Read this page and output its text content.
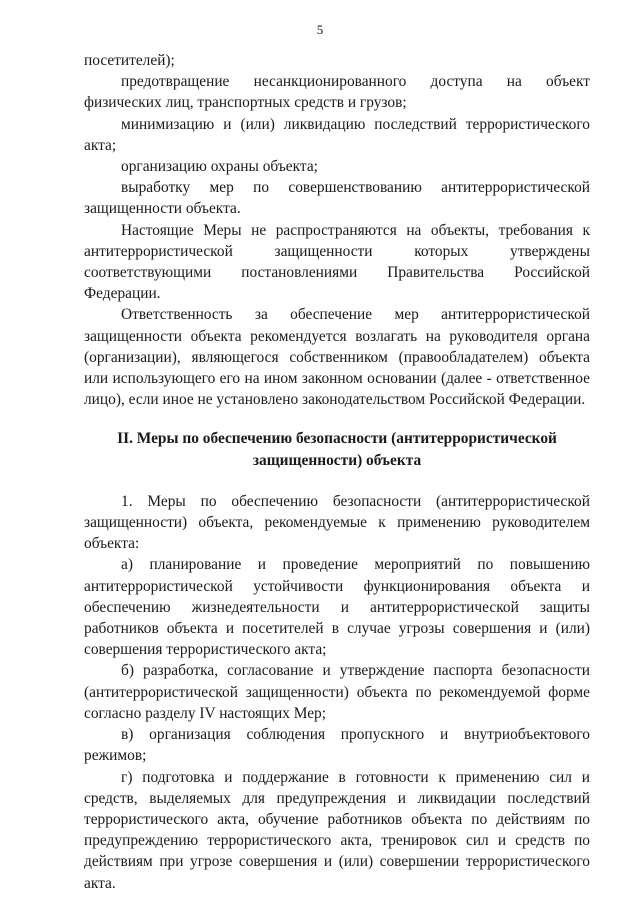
5

посетителей);

предотвращение несанкционированного доступа на объект физических лиц, транспортных средств и грузов;

минимизацию и (или) ликвидацию последствий террористического акта;

организацию охраны объекта;

выработку мер по совершенствованию антитеррористической защищенности объекта.

Настоящие Меры не распространяются на объекты, требования к антитеррористической защищенности которых утверждены соответствующими постановлениями Правительства Российской Федерации.

Ответственность за обеспечение мер антитеррористической защищенности объекта рекомендуется возлагать на руководителя органа (организации), являющегося собственником (правообладателем) объекта или использующего его на ином законном основании (далее - ответственное лицо), если иное не установлено законодательством Российской Федерации.

II. Меры по обеспечению безопасности (антитеррористической
защищенности) объекта

1. Меры по обеспечению безопасности (антитеррористической защищенности) объекта, рекомендуемые к применению руководителем объекта:

а) планирование и проведение мероприятий по повышению антитеррористической устойчивости функционирования объекта и обеспечению жизнедеятельности и антитеррористической защиты работников объекта и посетителей в случае угрозы совершения и (или) совершения террористического акта;

б) разработка, согласование и утверждение паспорта безопасности (антитеррористической защищенности) объекта по рекомендуемой форме согласно разделу IV настоящих Мер;

в) организация соблюдения пропускного и внутриобъектового режимов;

г) подготовка и поддержание в готовности к применению сил и средств, выделяемых для предупреждения и ликвидации последствий террористического акта, обучение работников объекта по действиям по предупреждению террористического акта, тренировок сил и средств по действиям при угрозе совершения и (или) совершении террористического акта.
